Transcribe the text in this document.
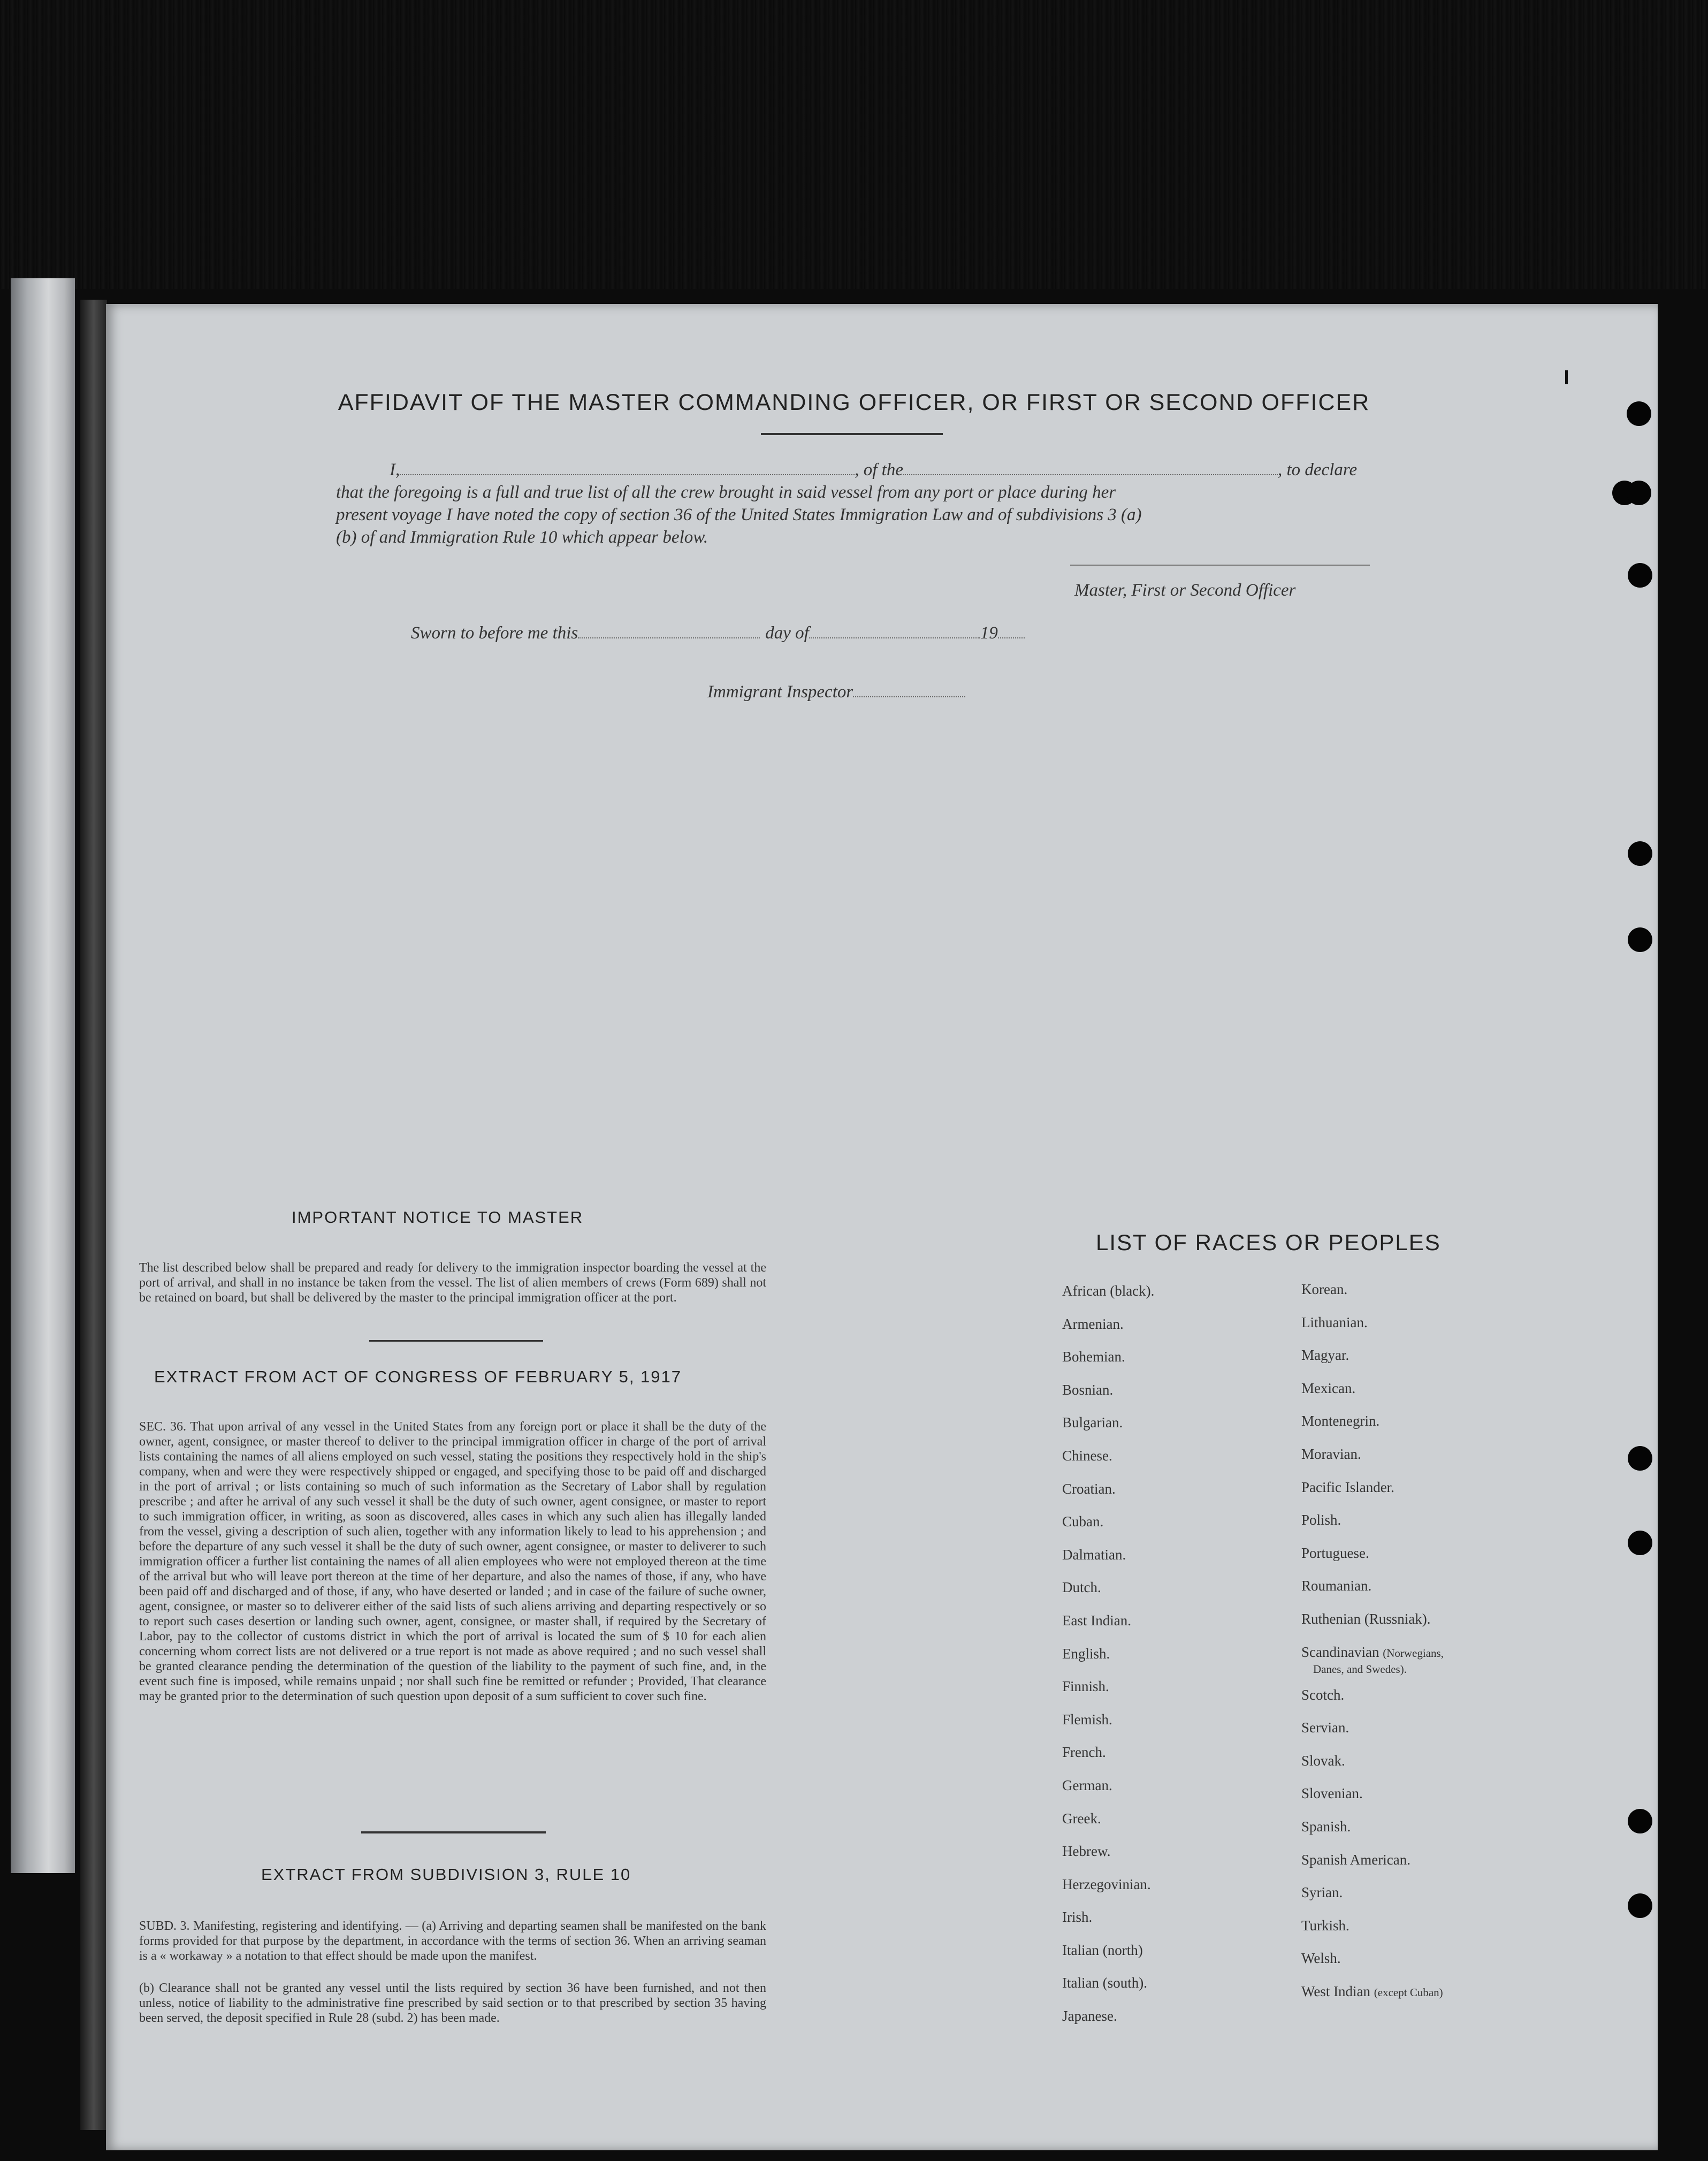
AFFIDAVIT OF THE MASTER COMMANDING OFFICER, OR FIRST OR SECOND OFFICER
I,	, of the	, to declare
that the foregoing is a full and true list of all the crew brought in said vessel from any port or place during her
present voyage I have noted the copy of section 36 of the United States Immigration Law and of subdivisions 3 (a)
(b) of and Immigration Rule 10 which appear below.
Master, First or Second Officer
Sworn to before me this	day of	19
Immigrant Inspector
IMPORTANT NOTICE TO MASTER
The list described below shall be prepared and ready for delivery to the immigration inspector boarding the vessel at the port of arrival, and shall in no instance be taken from the vessel. The list of alien members of crews (Form 689) shall not be retained on board, but shall be delivered by the master to the principal immigration officer at the port.
EXTRACT FROM ACT OF CONGRESS OF FEBRUARY 5, 1917
SEC. 36. That upon arrival of any vessel in the United States from any foreign port or place it shall be the duty of the owner, agent, consignee, or master thereof to deliver to the principal immigration officer in charge of the port of arrival lists containing the names of all aliens employed on such vessel, stating the positions they respectively hold in the ship's company, when and were they were respectively shipped or engaged, and specifying those to be paid off and discharged in the port of arrival ; or lists containing so much of such information as the Secretary of Labor shall by regulation prescribe ; and after he arrival of any such vessel it shall be the duty of such owner, agent consignee, or master to report to such immigration officer, in writing, as soon as discovered, alles cases in which any such alien has illegally landed from the vessel, giving a description of such alien, together with any information likely to lead to his apprehension ; and before the departure of any such vessel it shall be the duty of such owner, agent consignee, or master to deliverer to such immigration officer a further list containing the names of all alien employees who were not employed thereon at the time of the arrival but who will leave port thereon at the time of her departure, and also the names of those, if any, who have been paid off and discharged and of those, if any, who have deserted or landed ; and in case of the failure of suche owner, agent, consignee, or master so to deliverer either of the said lists of such aliens arriving and departing respectively or so to report such cases desertion or landing such owner, agent, consignee, or master shall, if required by the Secretary of Labor, pay to the collector of customs district in which the port of arrival is located the sum of $ 10 for each alien concerning whom correct lists are not delivered or a true report is not made as above required ; and no such vessel shall be granted clearance pending the determination of the question of the liability to the payment of such fine, and, in the event such fine is imposed, while remains unpaid ; nor shall such fine be remitted or refunder ; Provided, That clearance may be granted prior to the determination of such question upon deposit of a sum sufficient to cover such fine.
EXTRACT FROM SUBDIVISION 3, RULE 10
SUBD. 3. Manifesting, registering and identifying. — (a) Arriving and departing seamen shall be manifested on the bank forms provided for that purpose by the department, in accordance with the terms of section 36. When an arriving seaman is a « workaway » a notation to that effect should be made upon the manifest.
(b) Clearance shall not be granted any vessel until the lists required by section 36 have been furnished, and not then unless, notice of liability to the administrative fine prescribed by said section or to that prescribed by section 35 having been served, the deposit specified in Rule 28 (subd. 2) has been made.
LIST OF RACES OR PEOPLES
African (black).
Armenian.
Bohemian.
Bosnian.
Bulgarian.
Chinese.
Croatian.
Cuban.
Dalmatian.
Dutch.
East Indian.
English.
Finnish.
Flemish.
French.
German.
Greek.
Hebrew.
Herzegovinian.
Irish.
Italian (north)
Italian (south).
Japanese.
Korean.
Lithuanian.
Magyar.
Mexican.
Montenegrin.
Moravian.
Pacific Islander.
Polish.
Portuguese.
Roumanian.
Ruthenian (Russniak).
Scandinavian (Norwegians,
Danes, and Swedes).
Scotch.
Servian.
Slovak.
Slovenian.
Spanish.
Spanish American.
Syrian.
Turkish.
Welsh.
West Indian (except Cuban)
